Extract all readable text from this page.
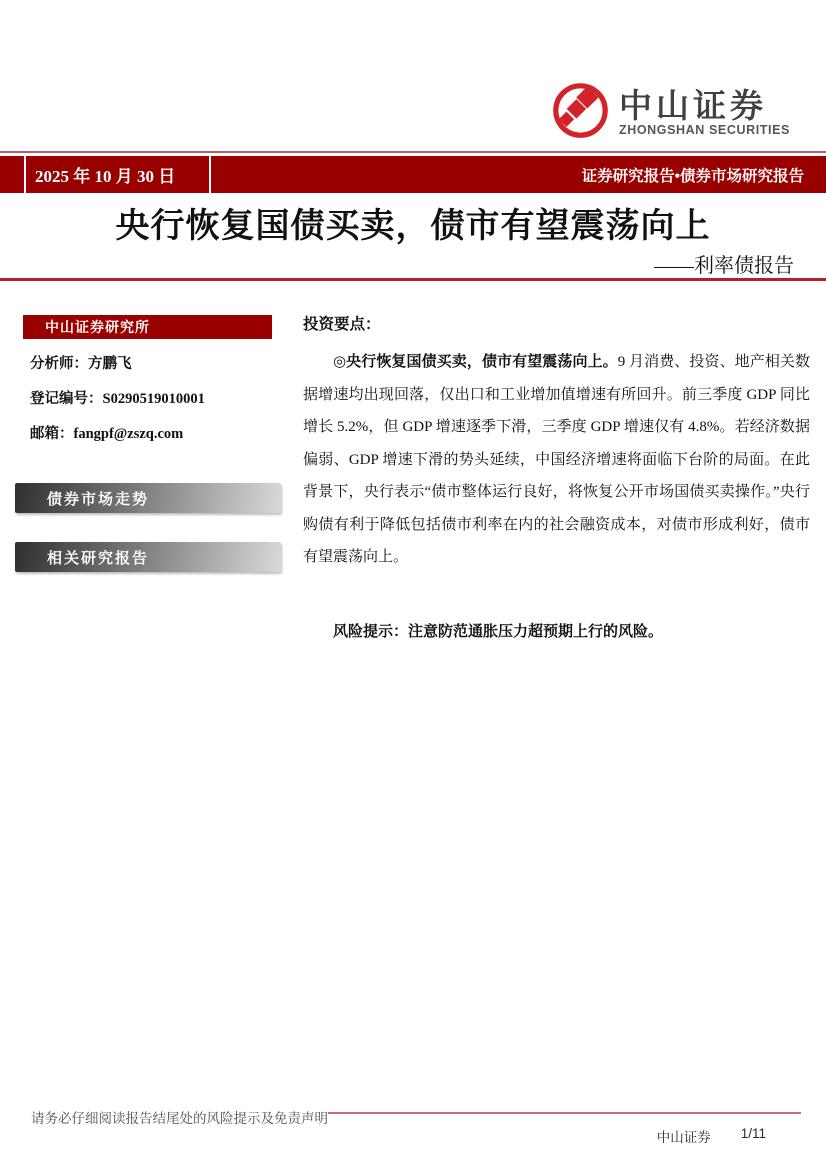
中山证券
ZHONGSHAN SECURITIES
2025 年 10 月 30 日	证券研究报告•债券市场研究报告
央行恢复国债买卖，债市有望震荡向上
——利率债报告
中山证券研究所
分析师：方鹏飞
登记编号：S0290519010001
邮箱：fangpf@zszq.com
债券市场走势
相关研究报告
投资要点：

◎央行恢复国债买卖，债市有望震荡向上。9 月消费、投资、地产相关数据增速均出现回落，仅出口和工业增加值增速有所回升。前三季度 GDP 同比增长 5.2%，但 GDP 增速逐季下滑，三季度 GDP 增速仅有 4.8%。若经济数据偏弱、GDP 增速下滑的势头延续，中国经济增速将面临下台阶的局面。在此背景下，央行表示“债市整体运行良好，将恢复公开市场国债买卖操作。”央行购债有利于降低包括债市利率在内的社会融资成本，对债市形成利好，债市有望震荡向上。

风险提示：注意防范通胀压力超预期上行的风险。

请务必仔细阅读报告结尾处的风险提示及免责声明
中山证券 1/11
